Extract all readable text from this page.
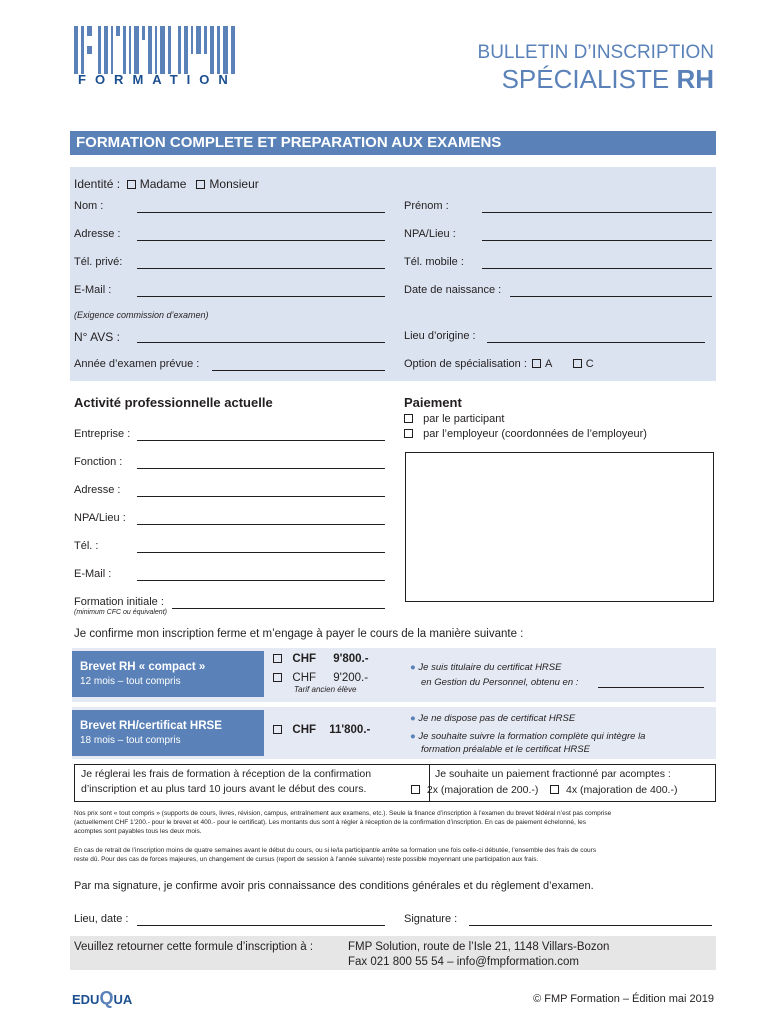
FORMATION
BULLETIN D’INSCRIPTION
SPÉCIALISTE RH
FORMATION COMPLETE ET PREPARATION AUX EXAMENS
Identité : Madame Monsieur
Nom :	Prénom :
Adresse :	NPA/Lieu :
Tél. privé:	Tél. mobile :
E-Mail :	Date de naissance :
(Exigence commission d’examen)
N° AVS :	Lieu d’origine :
Année d’examen prévue :	Option de spécialisation : A	C
Activité professionnelle actuelle
Entreprise :
Fonction :
Adresse :
NPA/Lieu :
Tél. :
E-Mail :
Formation initiale :
(minimum CFC ou équivalent)
Paiement
par le participant
par l’employeur (coordonnées de l’employeur)
Je confirme mon inscription ferme et m’engage à payer le cours de la manière suivante :
Brevet RH « compact »
12 mois – tout compris
CHF 9'800.-
CHF 9'200.-
Tarif ancien élève
● Je suis titulaire du certificat HRSE
en Gestion du Personnel, obtenu en :
Brevet RH/certificat HRSE
18 mois – tout compris
CHF 11'800.-
● Je ne dispose pas de certificat HRSE
● Je souhaite suivre la formation complète qui intègre la
formation préalable et le certificat HRSE
Je réglerai les frais de formation à réception de la confirmation
d’inscription et au plus tard 10 jours avant le début des cours.
Je souhaite un paiement fractionné par acomptes :
2x (majoration de 200.-)	4x (majoration de 400.-)
Nos prix sont « tout compris » (supports de cours, livres, révision, campus, entraînement aux examens, etc.). Seule la finance d’inscription à l’examen du brevet fédéral n’est pas comprise
(actuellement CHF 1’200.- pour le brevet et 400.- pour le certificat). Les montants dus sont à régler à réception de la confirmation d’inscription. En cas de paiement échelonné, les
acomptes sont payables tous les deux mois.
En cas de retrait de l’inscription moins de quatre semaines avant le début du cours, ou si le/la participant/e arrête sa formation une fois celle-ci débutée, l’ensemble des frais de cours
reste dû. Pour des cas de forces majeures, un changement de cursus (report de session à l’année suivante) reste possible moyennant une participation aux frais.
Par ma signature, je confirme avoir pris connaissance des conditions générales et du règlement d’examen.
Lieu, date :	Signature :
Veuillez retourner cette formule d’inscription à :	FMP Solution, route de l’Isle 21, 1148 Villars-Bozon
Fax 021 800 55 54 – info@fmpformation.com
EDUQUA	© FMP Formation – Édition mai 2019
